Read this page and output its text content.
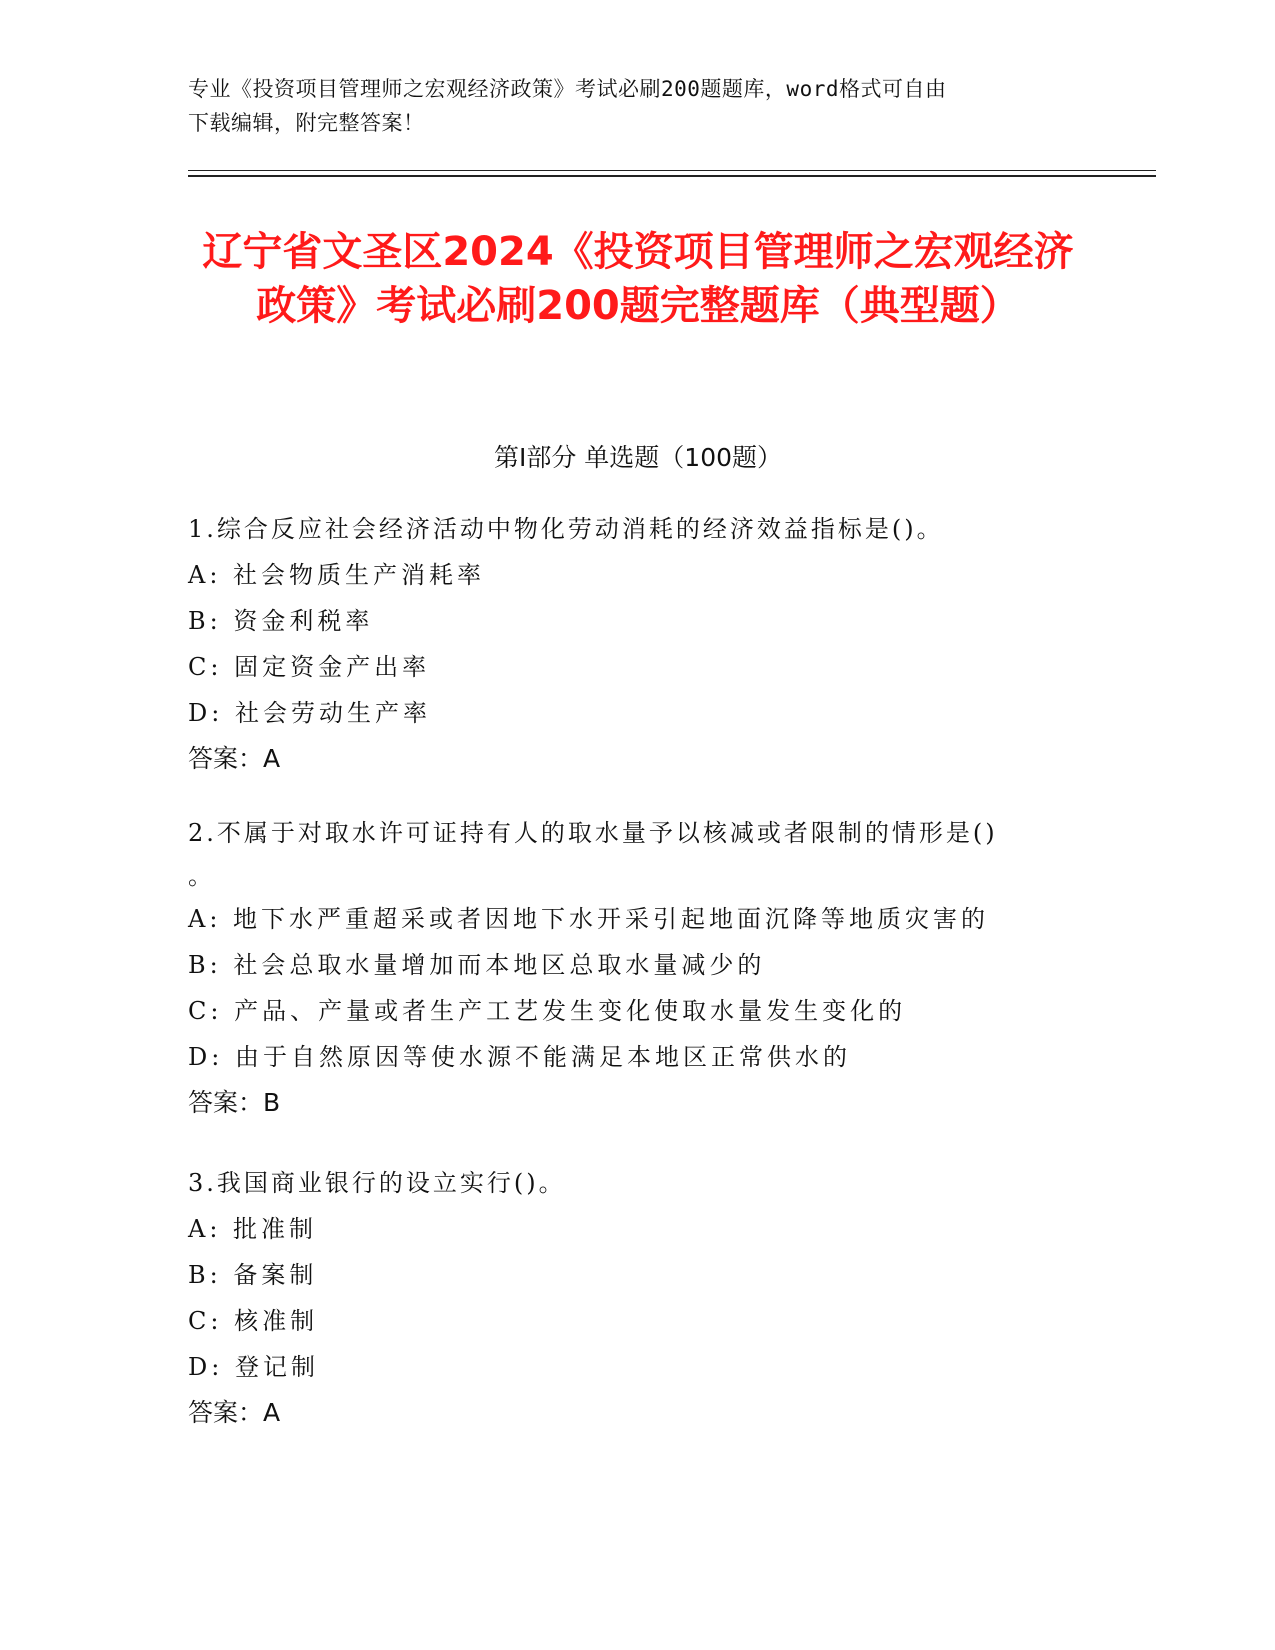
专业《投资项目管理师之宏观经济政策》考试必刷200题题库，word格式可自由
下载编辑，附完整答案！
辽宁省文圣区2024《投资项目管理师之宏观经济政策》考试必刷200题完整题库（典型题）
第I部分 单选题（100题）

1.综合反应社会经济活动中物化劳动消耗的经济效益指标是()。

A: 社会物质生产消耗率

B: 资金利税率

C: 固定资金产出率

D: 社会劳动生产率

答案：A

2.不属于对取水许可证持有人的取水量予以核减或者限制的情形是()

。

A: 地下水严重超采或者因地下水开采引起地面沉降等地质灾害的

B: 社会总取水量增加而本地区总取水量减少的

C: 产品、产量或者生产工艺发生变化使取水量发生变化的

D: 由于自然原因等使水源不能满足本地区正常供水的

答案：B

3.我国商业银行的设立实行()。

A: 批准制

B: 备案制

C: 核准制

D: 登记制

答案：A
